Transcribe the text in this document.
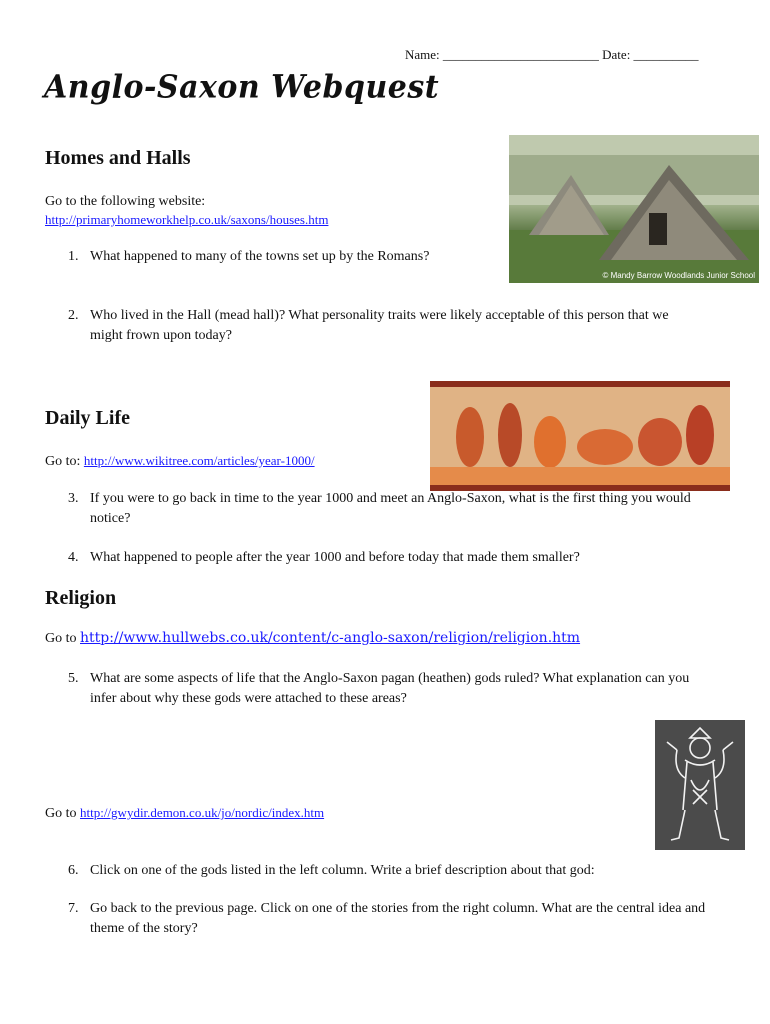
Name: ________________________ Date: __________
Anglo-Saxon Webquest
Homes and Halls

Go to the following website:

http://primaryhomeworkhelp.co.uk/saxons/houses.htm
© Mandy Barrow Woodlands Junior School
1. What happened to many of the towns set up by the Romans?
2. Who lived in the Hall (mead hall)? What personality traits were likely acceptable of this person that we might frown upon today?
Daily Life

Go to: http://www.wikitree.com/articles/year-1000/

3. If you were to go back in time to the year 1000 and meet an Anglo-Saxon, what is the first thing you would notice?
4. What happened to people after the year 1000 and before today that made them smaller?
Religion

Go to http://www.hullwebs.co.uk/content/c-anglo-saxon/religion/religion.htm

5. What are some aspects of life that the Anglo-Saxon pagan (heathen) gods ruled? What explanation can you infer about why these gods were attached to these areas?

Go to http://gwydir.demon.co.uk/jo/nordic/index.htm

6. Click on one of the gods listed in the left column. Write a brief description about that god:
7. Go back to the previous page. Click on one of the stories from the right column. What are the central idea and theme of the story?
